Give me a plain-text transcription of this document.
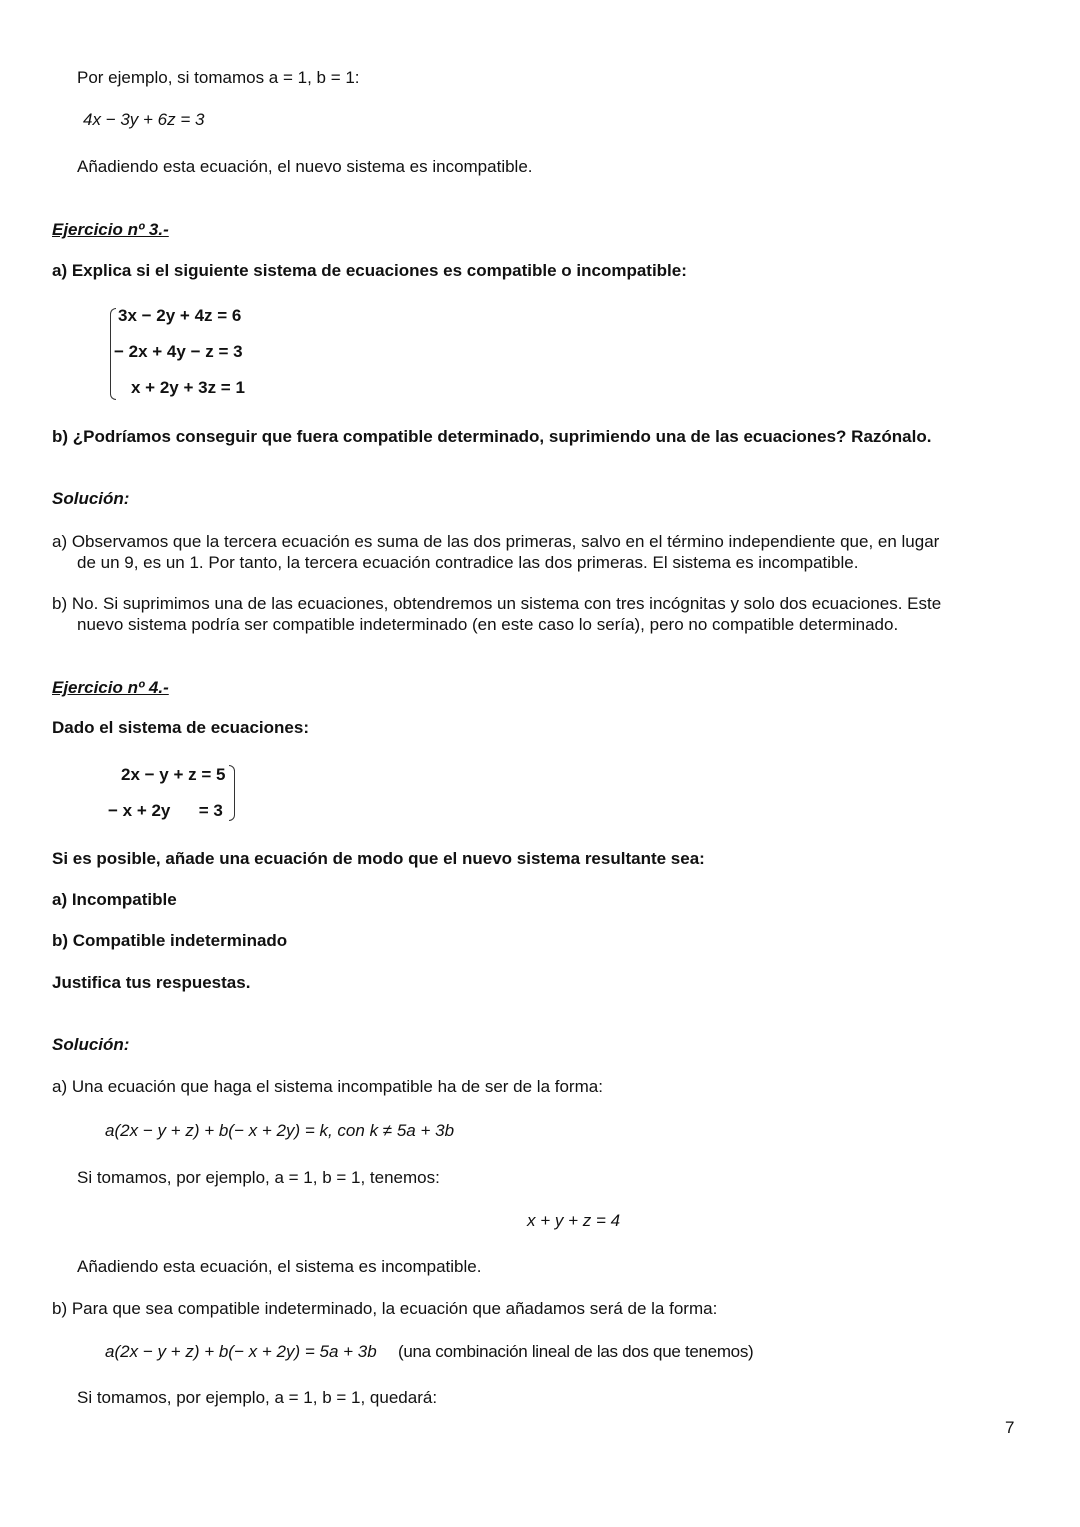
Por ejemplo, si tomamos a = 1, b = 1:
4x − 3y + 6z = 3
Añadiendo esta ecuación, el nuevo sistema es incompatible.
Ejercicio nº 3.-
a) Explica si el siguiente sistema de ecuaciones es compatible o incompatible:
3x − 2y + 4z = 6
− 2x + 4y − z = 3
x + 2y + 3z = 1
b) ¿Podríamos conseguir que fuera compatible determinado, suprimiendo una de las ecuaciones? Razónalo.
Solución:
a) Observamos que la tercera ecuación es suma de las dos primeras, salvo en el término independiente que, en lugar
de un 9, es un 1. Por tanto, la tercera ecuación contradice las dos primeras. El sistema es incompatible.
b) No. Si suprimimos una de las ecuaciones, obtendremos un sistema con tres incógnitas y solo dos ecuaciones. Este
nuevo sistema podría ser compatible indeterminado (en este caso lo sería), pero no compatible determinado.
Ejercicio nº 4.-
Dado el sistema de ecuaciones:
2x − y + z = 5
− x + 2y      = 3
Si es posible, añade una ecuación de modo que el nuevo sistema resultante sea:
a) Incompatible
b) Compatible indeterminado
Justifica tus respuestas.
Solución:
a) Una ecuación que haga el sistema incompatible ha de ser de la forma:
a(2x − y + z) + b(− x + 2y) = k, con k ≠ 5a + 3b
Si tomamos, por ejemplo, a = 1, b = 1, tenemos:
x + y + z = 4
Añadiendo esta ecuación, el sistema es incompatible.
b) Para que sea compatible indeterminado, la ecuación que añadamos será de la forma:
a(2x − y + z) + b(− x + 2y) = 5a + 3b (una combinación lineal de las dos que tenemos)
Si tomamos, por ejemplo, a = 1, b = 1, quedará:
7
